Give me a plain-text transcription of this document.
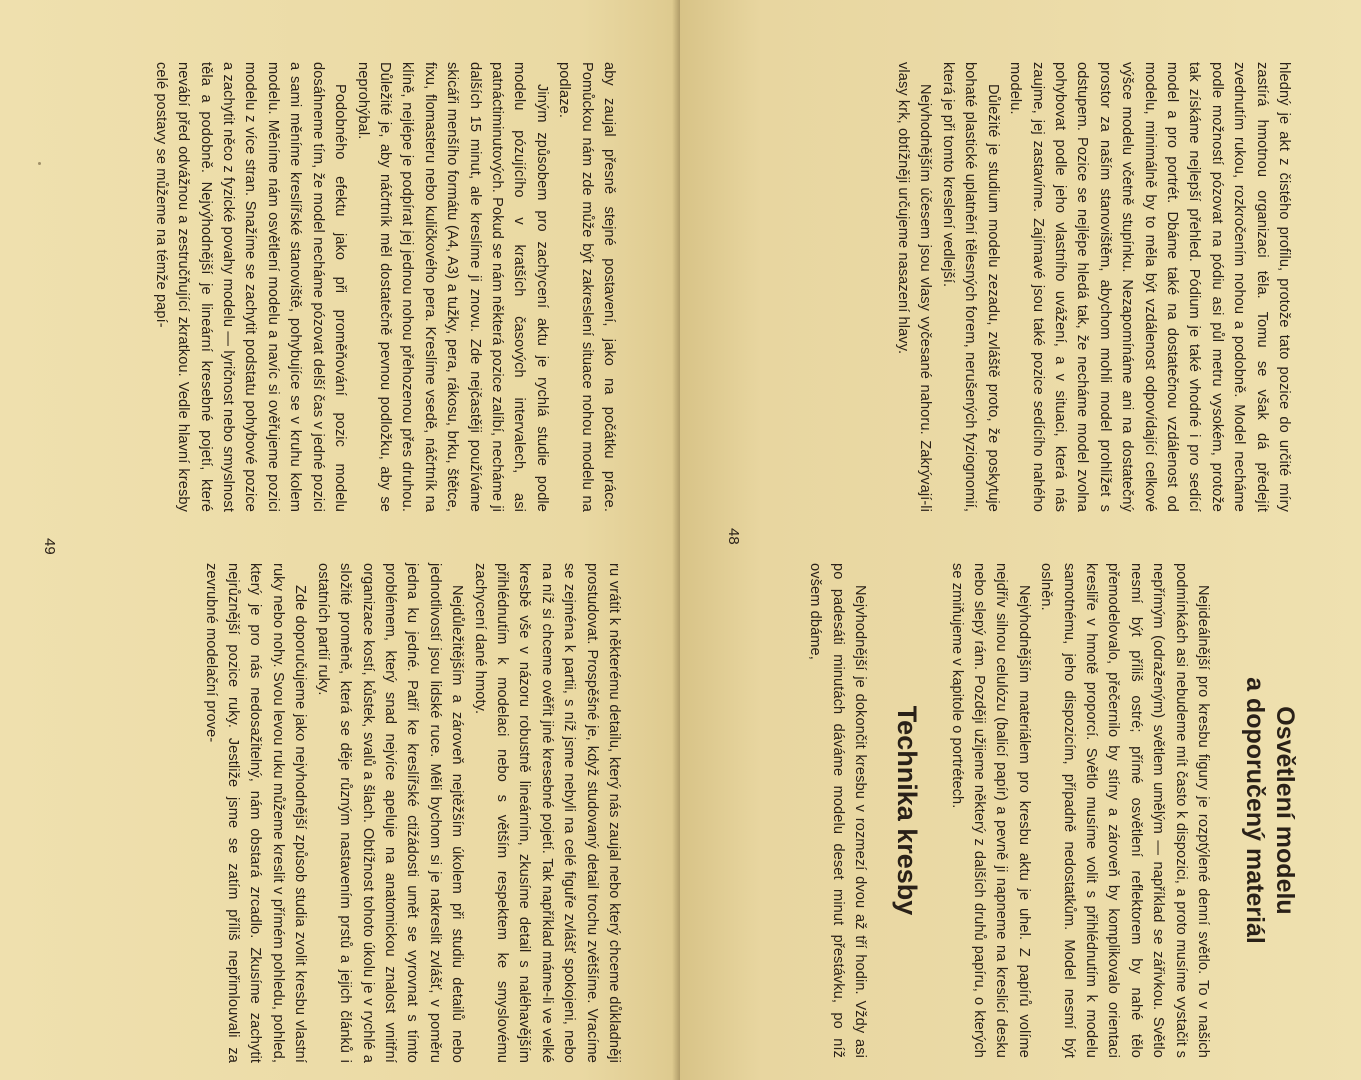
ru vrátit k některému detailu, který nás zaujal nebo který chceme důkladněji prostudovat. Prospěšné je, když studovaný detail trochu zvětšíme. Vracíme se zejména k partii, s níž jsme nebyli na celé figuře zvlášť spokojeni, nebo na níž si chceme ověřit jiné kresebné pojetí. Tak například máme-li ve velké kresbě vše v názoru robustně lineárním, zkusíme detail s naléhavějším přihlédnutím k modelaci nebo s větším respektem ke smyslovému zachycení dané hmoty.

Nejdůležitějším a zároveň nejtěžším úkolem při studiu detailů nebo jednotlivostí jsou lidské ruce. Měli bychom si je nakreslit zvlášť, v poměru jedna ku jedné. Patří ke kreslířské ctižádosti umět se vyrovnat s tímto problémem, který snad nejvíce apeluje na anatomickou znalost vnitřní organizace kostí, kůstek, svalů a šlach. Obtížnost tohoto úkolu je v rychlé a složité proměně, která se děje různým nastavením prstů a jejich článků i ostatních partií ruky.

Zde doporučujeme jako nejvhodnější způsob studia zvolit kresbu vlastní ruky nebo nohy. Svou levou ruku můžeme kreslit v přímém pohledu, pohled, který je pro nás nedosažitelný, nám obstará zrcadlo. Zkusíme zachytit nejrůznější pozice ruky. Jestliže jsme se zatím příliš nepřimlouvali za zevrubné modelační prove-

aby zaujal přesně stejné postavení, jako na počátku práce. Pomůckou nám zde může být zakreslení situace nohou modelu na podlaze.

Jiným způsobem pro zachycení aktu je rychlá studie podle modelu pózujícího v kratších časových intervalech, asi patnáctiminutových. Pokud se nám některá pozice zalíbí, necháme ji dalších 15 minut, ale kreslíme ji znovu. Zde nejčastěji používáme skicáři menšího formátu (A4, A3) a tužky, pera, rákosu, brku, štětce, fixu, flomasteru nebo kuličkového pera. Kreslíme vsedě, náčrtník na klíně, nejlépe je podpírat jej jednou nohou přehozenou přes druhou. Důležité je, aby náčrtník měl dostatečně pevnou podložku, aby se neprohýbal.

Podobného efektu jako při proměňování pozic modelu dosáhneme tím, že model necháme pózovat delší čas v jedné pozici a sami měníme kreslířské stanoviště, pohybujíce se v kruhu kolem modelu. Měníme nám osvětlení modelu a navíc si ověřujeme pozici modelu z více stran. Snažíme se zachytit podstatu pohybové pozice a zachytit něco z fyzické povahy modelu — lyričnost nebo smyslnost těla a podobně. Nejvýhodnější je lineární kresebné pojetí, které nevábí před odvážnou a zestručňující zkratkou. Vedle hlavní kresby celé postavy se můžeme na témže papí-

49
Osvětlení modelu
a doporučený materiál

Nejideálnější pro kresbu figury je rozptýlené denní světlo. To v našich podmínkách asi nebudeme mít často k dispozici, a proto musíme vystačit s nepřímým (odraženým) světlem umělým — například se zářivkou. Světlo nesmí být příliš ostré; přímé osvětlení reflektorem by nahé tělo přemodelovalo, přečernilo by stíny a zároveň by komplikovalo orientaci kresliře v hmotě proporcí. Světlo musíme volit s přihlédnutím k modelu samotnému, jeho dispozicím, případně nedostatkům. Model nesmí být oslněn.

Nejvhodnějším materiálem pro kresbu aktu je uhel. Z papírů volíme nejdřív silnou celulózu (balicí papír) a pevně ji napneme na kreslicí desku nebo slepý rám. Později užijeme některý z dalších druhů papíru, o kterých se zmiňujeme v kapitole o portrétech.

Technika kresby

Nejvhodnější je dokončit kresbu v rozmezí dvou až tří hodin. Vždy asi po padesáti minutách dáváme modelu deset minut přestávku, po níž ovšem dbáme,

hledný je akt z čistého profilu, protože tato pozice do určité míry zastírá hmotnou organizaci těla. Tomu se však dá předejít zvednutím rukou, rozkročením nohou a podobně. Model necháme podle možností pózovat na pódiu asi půl metru vysokém, protože tak získáme nejlepší přehled. Pódium je také vhodné i pro sedící model a pro portrét. Dbáme také na dostatečnou vzdálenost od modelu, minimálně by to měla být vzdálenost odpovídající celkové výšce modelu včetně stupínku. Nezapomínáme ani na dostatečný prostor za naším stanovištěm, abychom mohli model prohlížet s odstupem. Pozice se nejlépe hledá tak, že necháme model zvolna pohybovat podle jeho vlastního uvážení, a v situaci, která nás zaujme, jej zastavíme. Zajímavé jsou také pozice sedícího nahého modelu.

Důležité je studium modelu zezadu, zvláště proto, že poskytuje bohaté plastické uplatnění tělesných forem, nerušených fyziognomií, která je při tomto kreslení vedlejší.

Nejvhodnějším účesem jsou vlasy vyčesané nahoru. Zakrývají-li vlasy krk, obtížněji určujeme nasazení hlavy.

48
